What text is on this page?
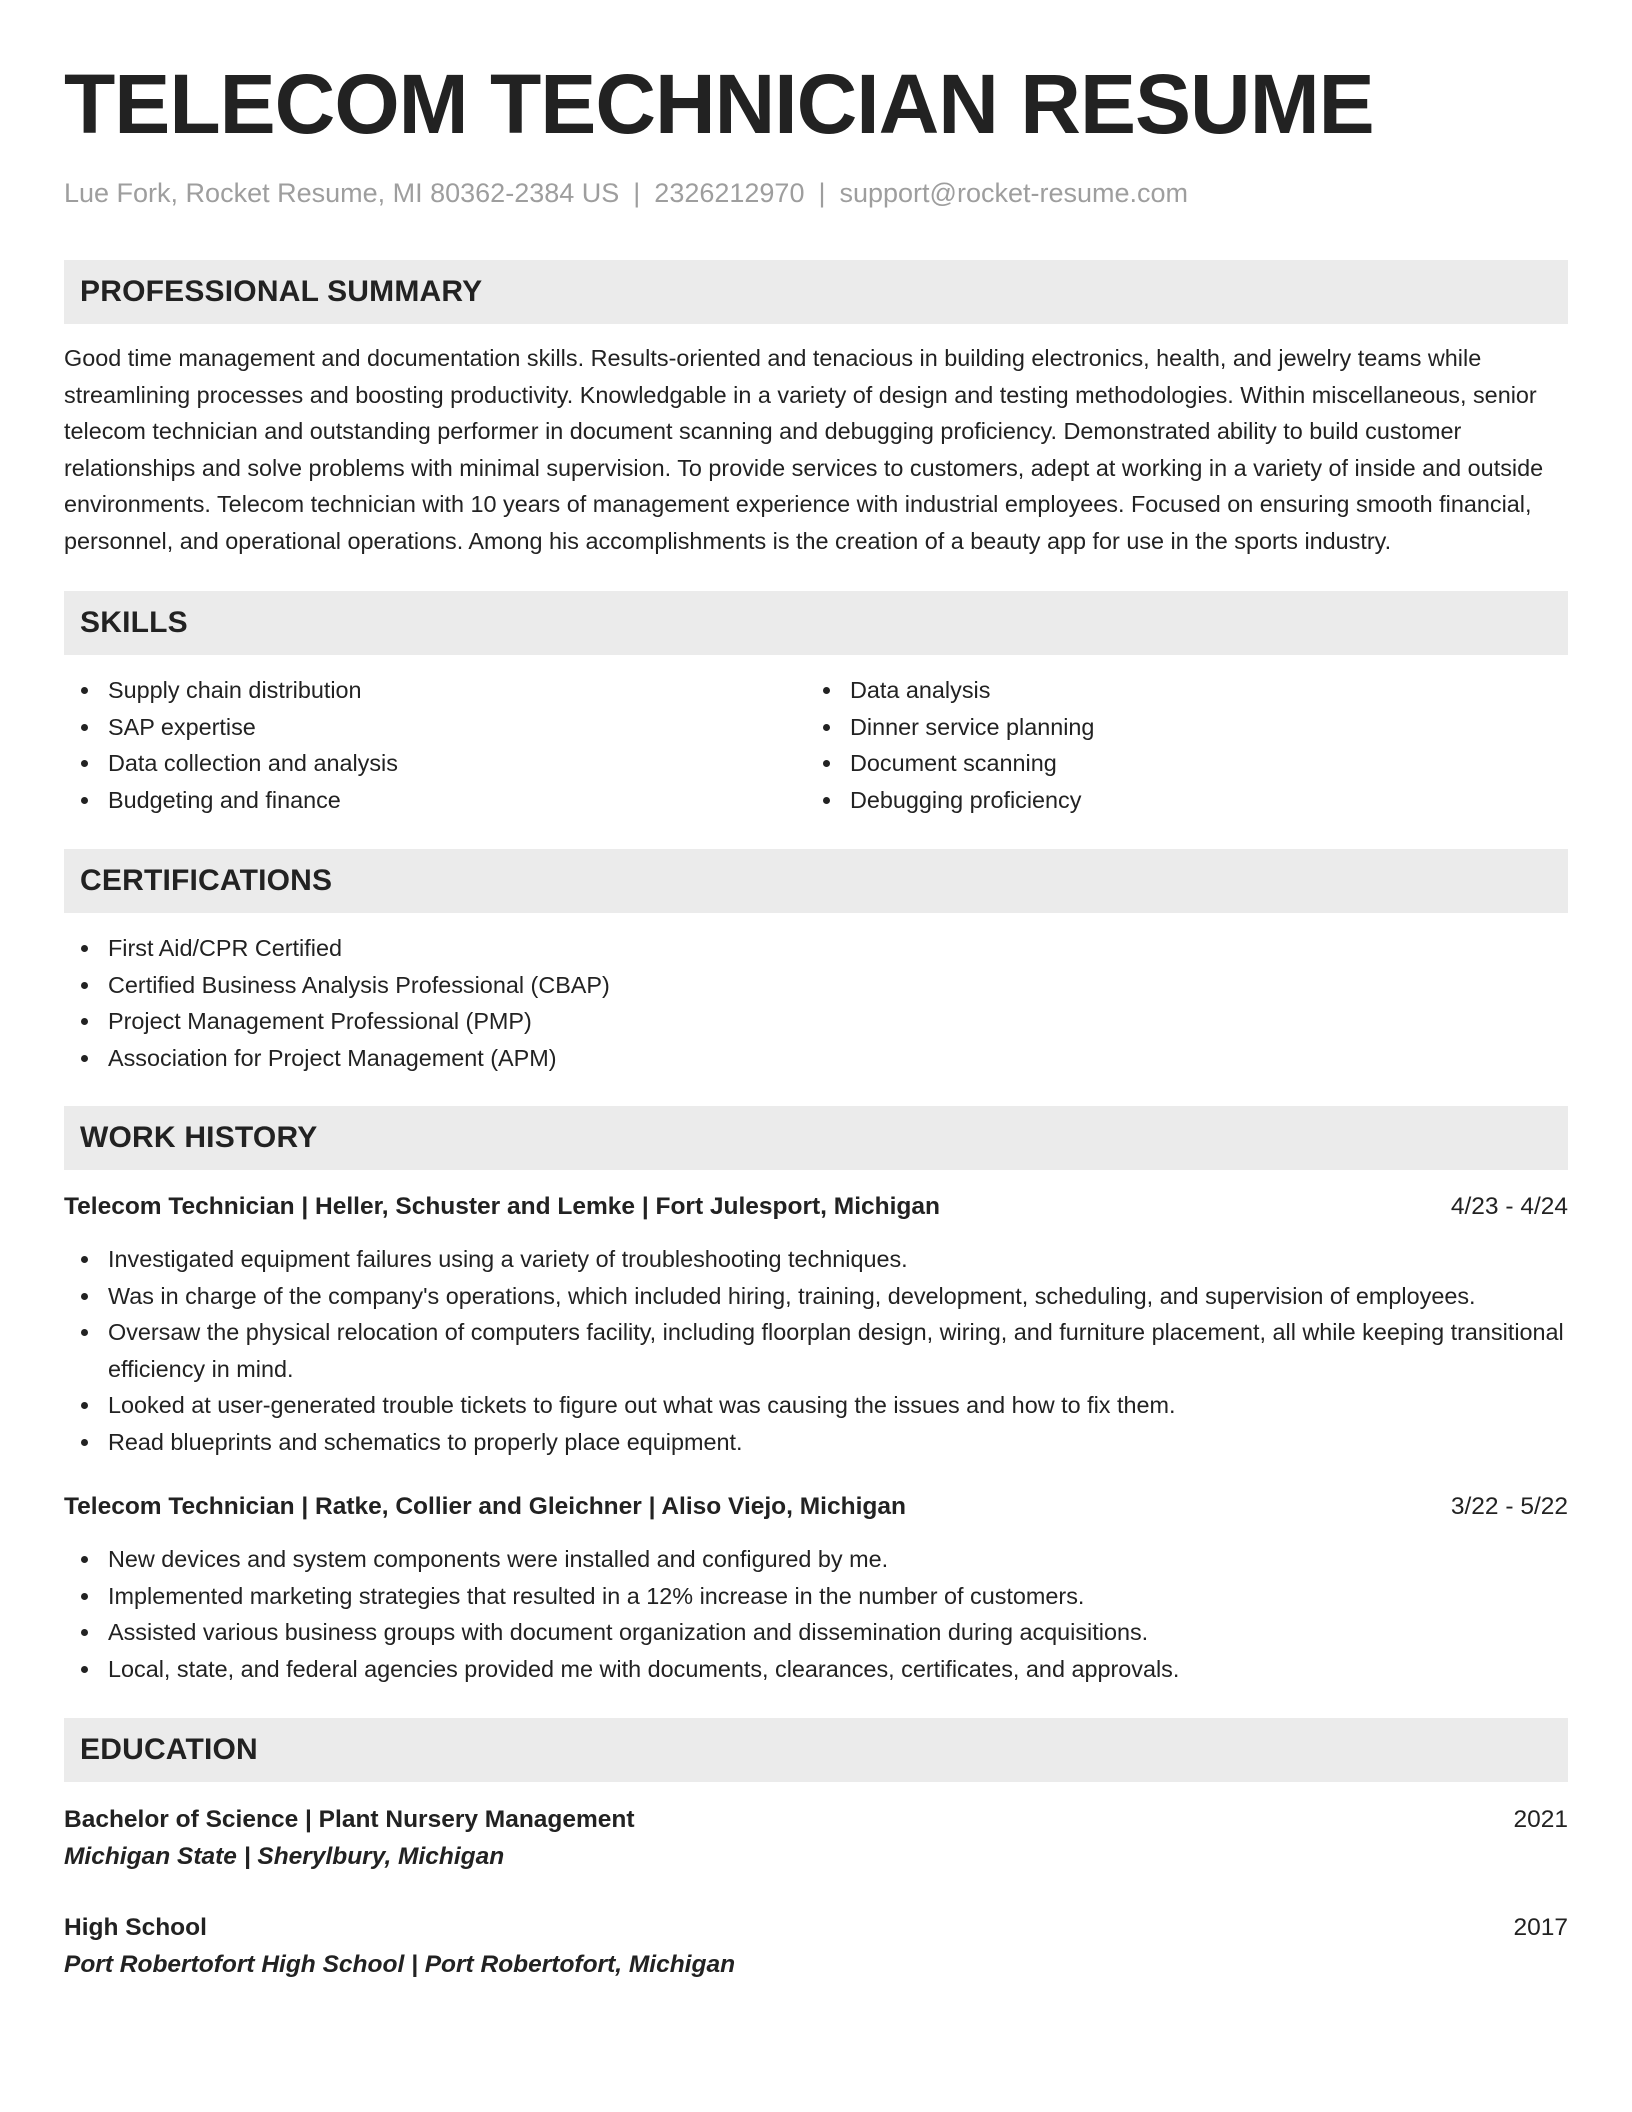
TELECOM TECHNICIAN RESUME
Lue Fork, Rocket Resume, MI 80362-2384 US | 2326212970 | support@rocket-resume.com
PROFESSIONAL SUMMARY

Good time management and documentation skills. Results-oriented and tenacious in building electronics, health, and jewelry teams while streamlining processes and boosting productivity. Knowledgable in a variety of design and testing methodologies. Within miscellaneous, senior telecom technician and outstanding performer in document scanning and debugging proficiency. Demonstrated ability to build customer relationships and solve problems with minimal supervision. To provide services to customers, adept at working in a variety of inside and outside environments. Telecom technician with 10 years of management experience with industrial employees. Focused on ensuring smooth financial, personnel, and operational operations. Among his accomplishments is the creation of a beauty app for use in the sports industry.

SKILLS
Supply chain distribution
SAP expertise
Data collection and analysis
Budgeting and finance
Data analysis
Dinner service planning
Document scanning
Debugging proficiency
CERTIFICATIONS
First Aid/CPR Certified
Certified Business Analysis Professional (CBAP)
Project Management Professional (PMP)
Association for Project Management (APM)
WORK HISTORY
Telecom Technician | Heller, Schuster and Lemke | Fort Julesport, Michigan	4/23 - 4/24
Investigated equipment failures using a variety of troubleshooting techniques.
Was in charge of the company's operations, which included hiring, training, development, scheduling, and supervision of employees.
Oversaw the physical relocation of computers facility, including floorplan design, wiring, and furniture placement, all while keeping transitional efficiency in mind.
Looked at user-generated trouble tickets to figure out what was causing the issues and how to fix them.
Read blueprints and schematics to properly place equipment.
Telecom Technician | Ratke, Collier and Gleichner | Aliso Viejo, Michigan	3/22 - 5/22
New devices and system components were installed and configured by me.
Implemented marketing strategies that resulted in a 12% increase in the number of customers.
Assisted various business groups with document organization and dissemination during acquisitions.
Local, state, and federal agencies provided me with documents, clearances, certificates, and approvals.
EDUCATION
Bachelor of Science | Plant Nursery Management	2021
Michigan State | Sherylbury, Michigan
High School	2017
Port Robertofort High School | Port Robertofort, Michigan
